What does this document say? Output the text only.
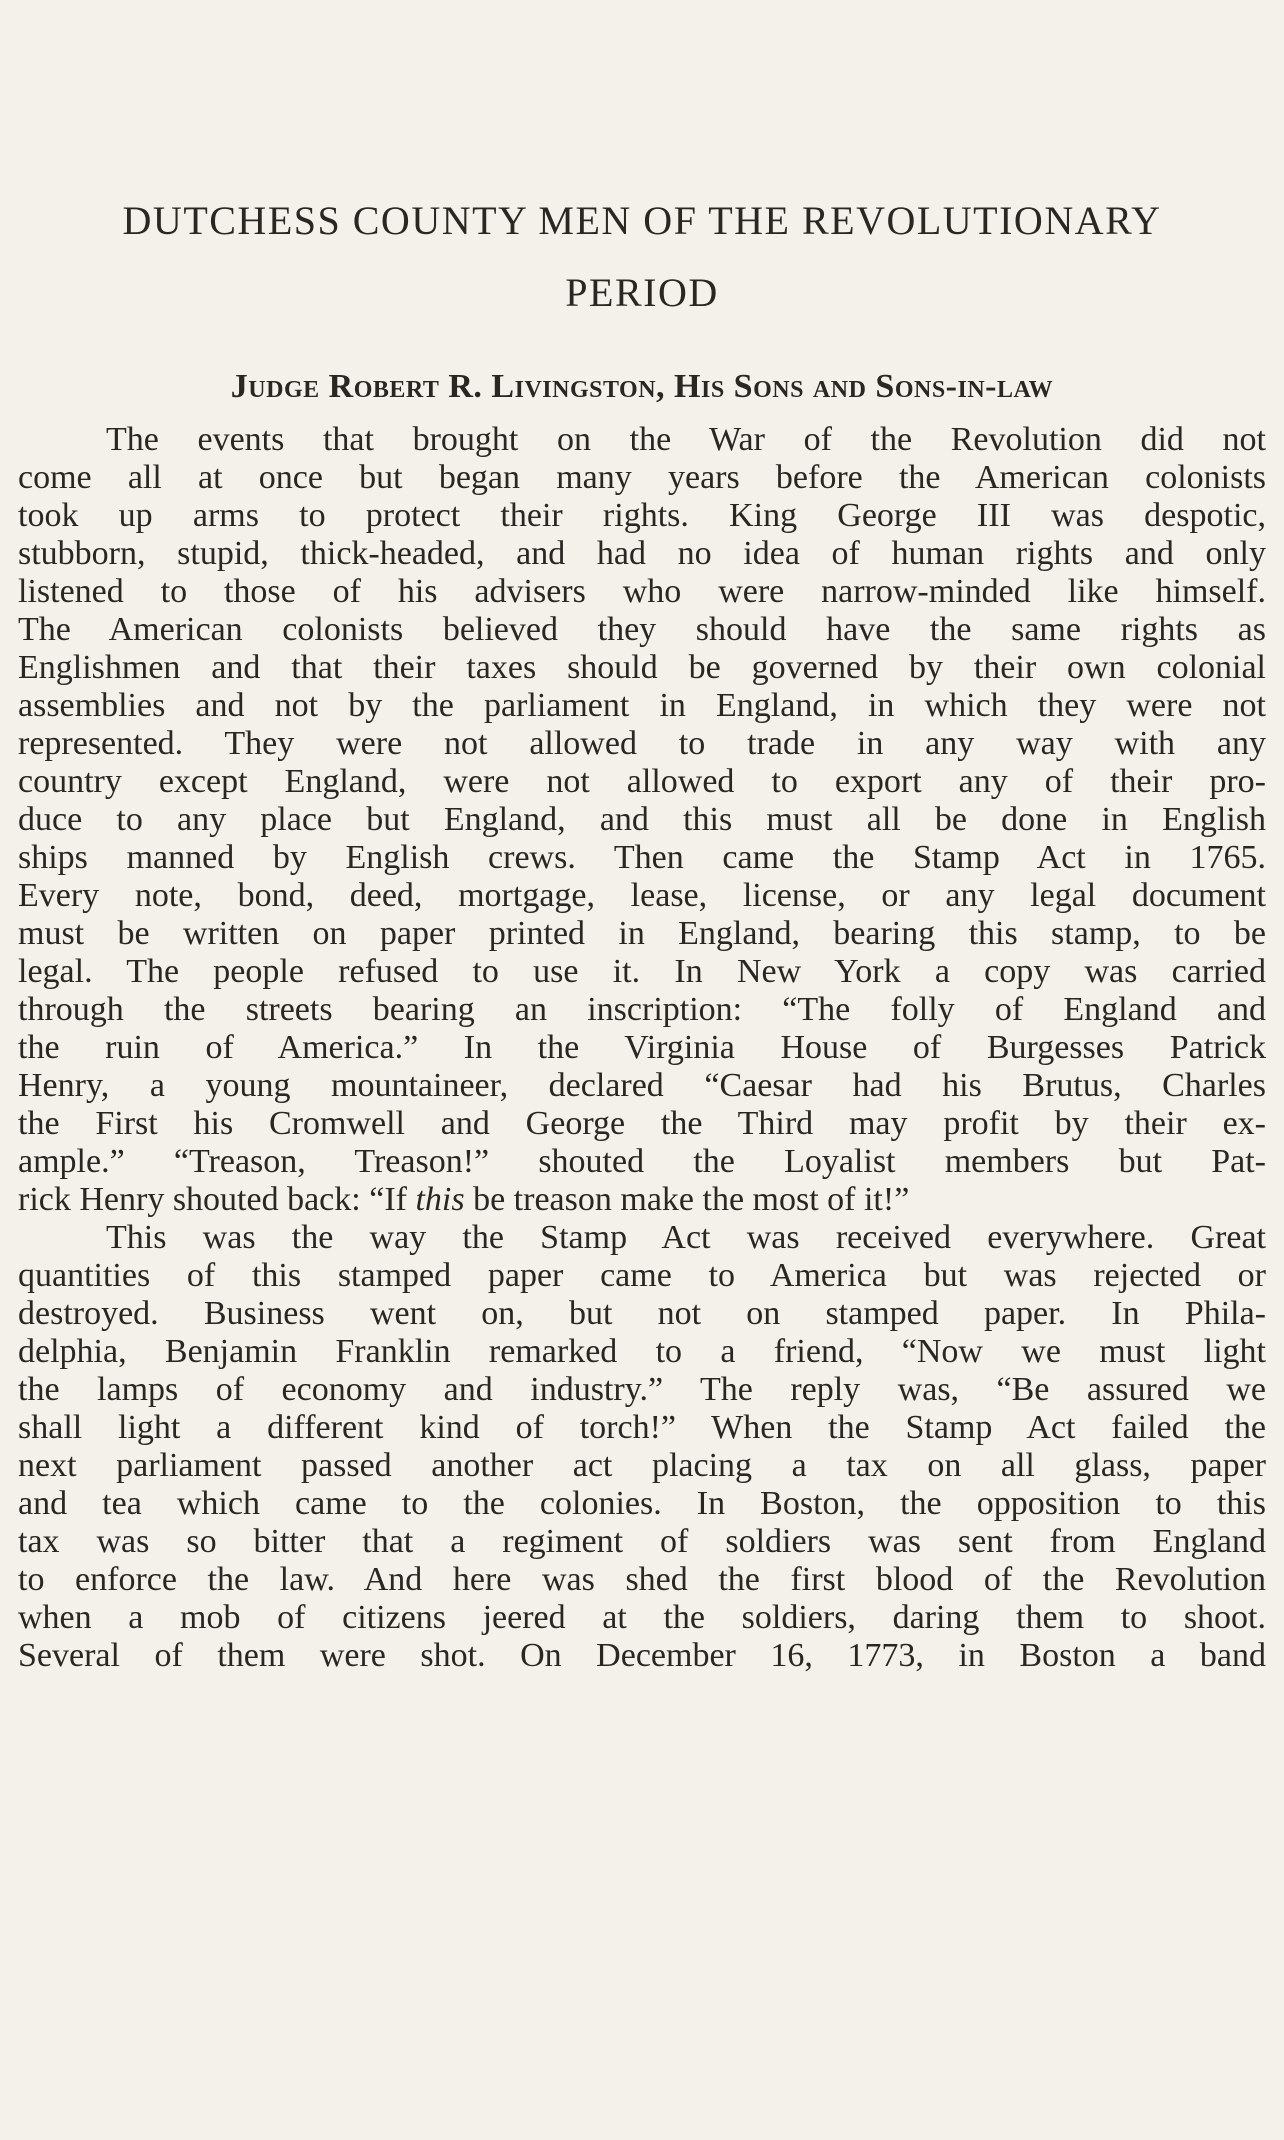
DUTCHESS COUNTY MEN OF THE REVOLUTIONARY
PERIOD
Judge Robert R. Livingston, His Sons and Sons-in-law

The events that brought on the War of the Revolution did not

come all at once but began many years before the American colonists

took up arms to protect their rights. King George III was despotic,

stubborn, stupid, thick-headed, and had no idea of human rights and only

listened to those of his advisers who were narrow-minded like himself.

The American colonists believed they should have the same rights as

Englishmen and that their taxes should be governed by their own colonial

assemblies and not by the parliament in England, in which they were not

represented. They were not allowed to trade in any way with any

country except England, were not allowed to export any of their pro-

duce to any place but England, and this must all be done in English

ships manned by English crews. Then came the Stamp Act in 1765.

Every note, bond, deed, mortgage, lease, license, or any legal document

must be written on paper printed in England, bearing this stamp, to be

legal. The people refused to use it. In New York a copy was carried

through the streets bearing an inscription: “The folly of England and

the ruin of America.” In the Virginia House of Burgesses Patrick

Henry, a young mountaineer, declared “Caesar had his Brutus, Charles

the First his Cromwell and George the Third may profit by their ex-

ample.” “Treason, Treason!” shouted the Loyalist members but Pat-

rick Henry shouted back: “If this be treason make the most of it!”

This was the way the Stamp Act was received everywhere. Great

quantities of this stamped paper came to America but was rejected or

destroyed. Business went on, but not on stamped paper. In Phila-

delphia, Benjamin Franklin remarked to a friend, “Now we must light

the lamps of economy and industry.” The reply was, “Be assured we

shall light a different kind of torch!” When the Stamp Act failed the

next parliament passed another act placing a tax on all glass, paper

and tea which came to the colonies. In Boston, the opposition to this

tax was so bitter that a regiment of soldiers was sent from England

to enforce the law. And here was shed the first blood of the Revolution

when a mob of citizens jeered at the soldiers, daring them to shoot.

Several of them were shot. On December 16, 1773, in Boston a band
